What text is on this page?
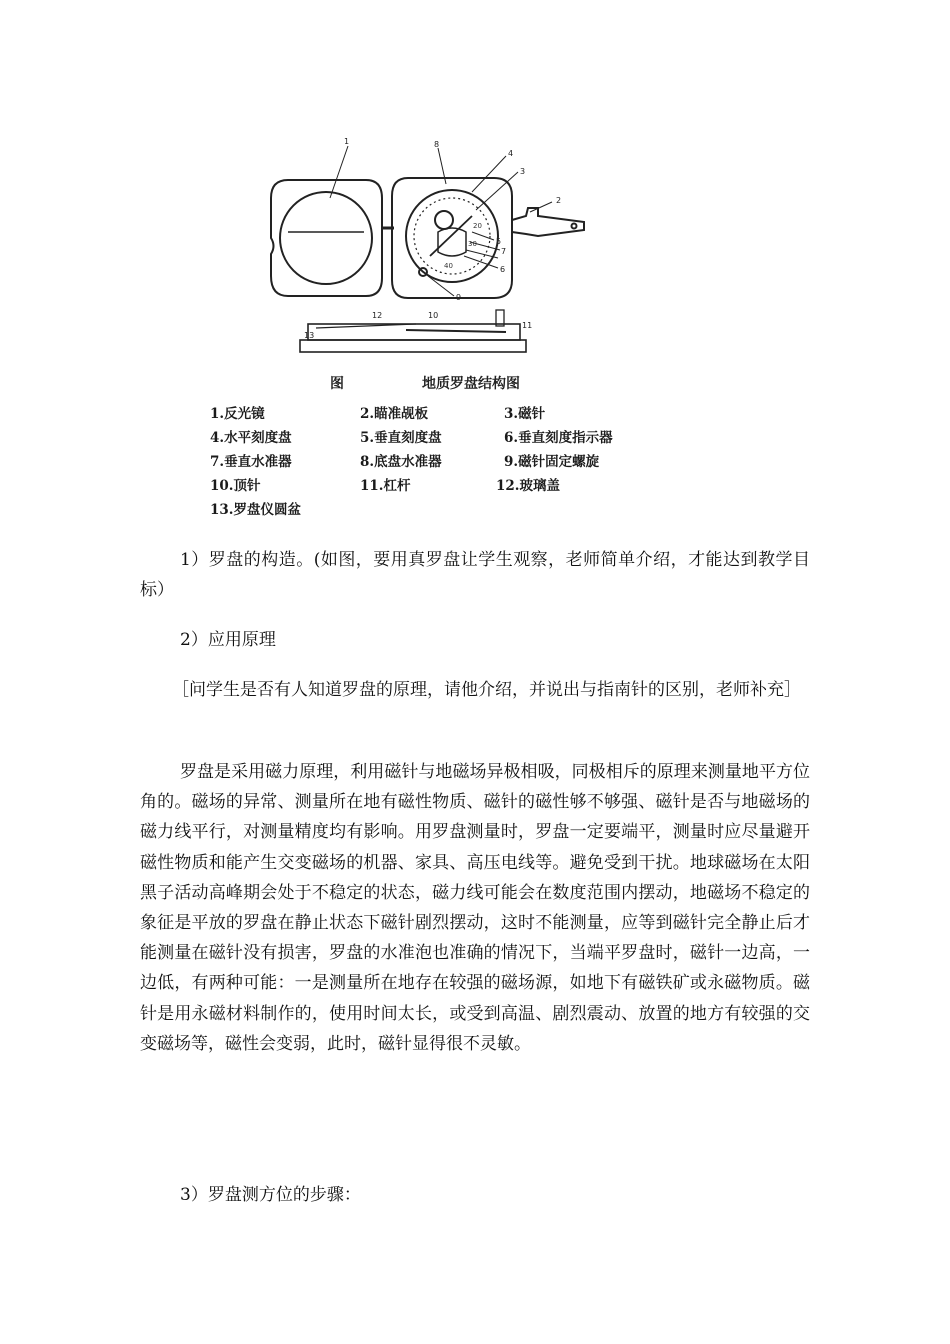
1
2
3
4
5
6
7
8
9
10
11
12
13
20
30
40
图	地质罗盘结构图
1.反光镜	2.瞄准觇板	3.磁针
4.水平刻度盘	5.垂直刻度盘	6.垂直刻度指示器
7.垂直水准器	8.底盘水准器	9.磁针固定螺旋
10.顶针	11.杠杆	12.玻璃盖
13.罗盘仪圆盆

1）罗盘的构造。(如图，要用真罗盘让学生观察，老师简单介绍，才能达到教学目标）

2）应用原理

［问学生是否有人知道罗盘的原理，请他介绍，并说出与指南针的区别，老师补充］

罗盘是采用磁力原理，利用磁针与地磁场异极相吸，同极相斥的原理来测量地平方位角的。磁场的异常、测量所在地有磁性物质、磁针的磁性够不够强、磁针是否与地磁场的磁力线平行，对测量精度均有影响。用罗盘测量时，罗盘一定要端平，测量时应尽量避开磁性物质和能产生交变磁场的机器、家具、高压电线等。避免受到干扰。地球磁场在太阳黑子活动高峰期会处于不稳定的状态，磁力线可能会在数度范围内摆动，地磁场不稳定的象征是平放的罗盘在静止状态下磁针剧烈摆动，这时不能测量，应等到磁针完全静止后才能测量在磁针没有损害，罗盘的水准泡也准确的情况下，当端平罗盘时，磁针一边高，一边低，有两种可能：一是测量所在地存在较强的磁场源，如地下有磁铁矿或永磁物质。磁针是用永磁材料制作的，使用时间太长，或受到高温、剧烈震动、放置的地方有较强的交变磁场等，磁性会变弱，此时，磁针显得很不灵敏。

3）罗盘测方位的步骤：
